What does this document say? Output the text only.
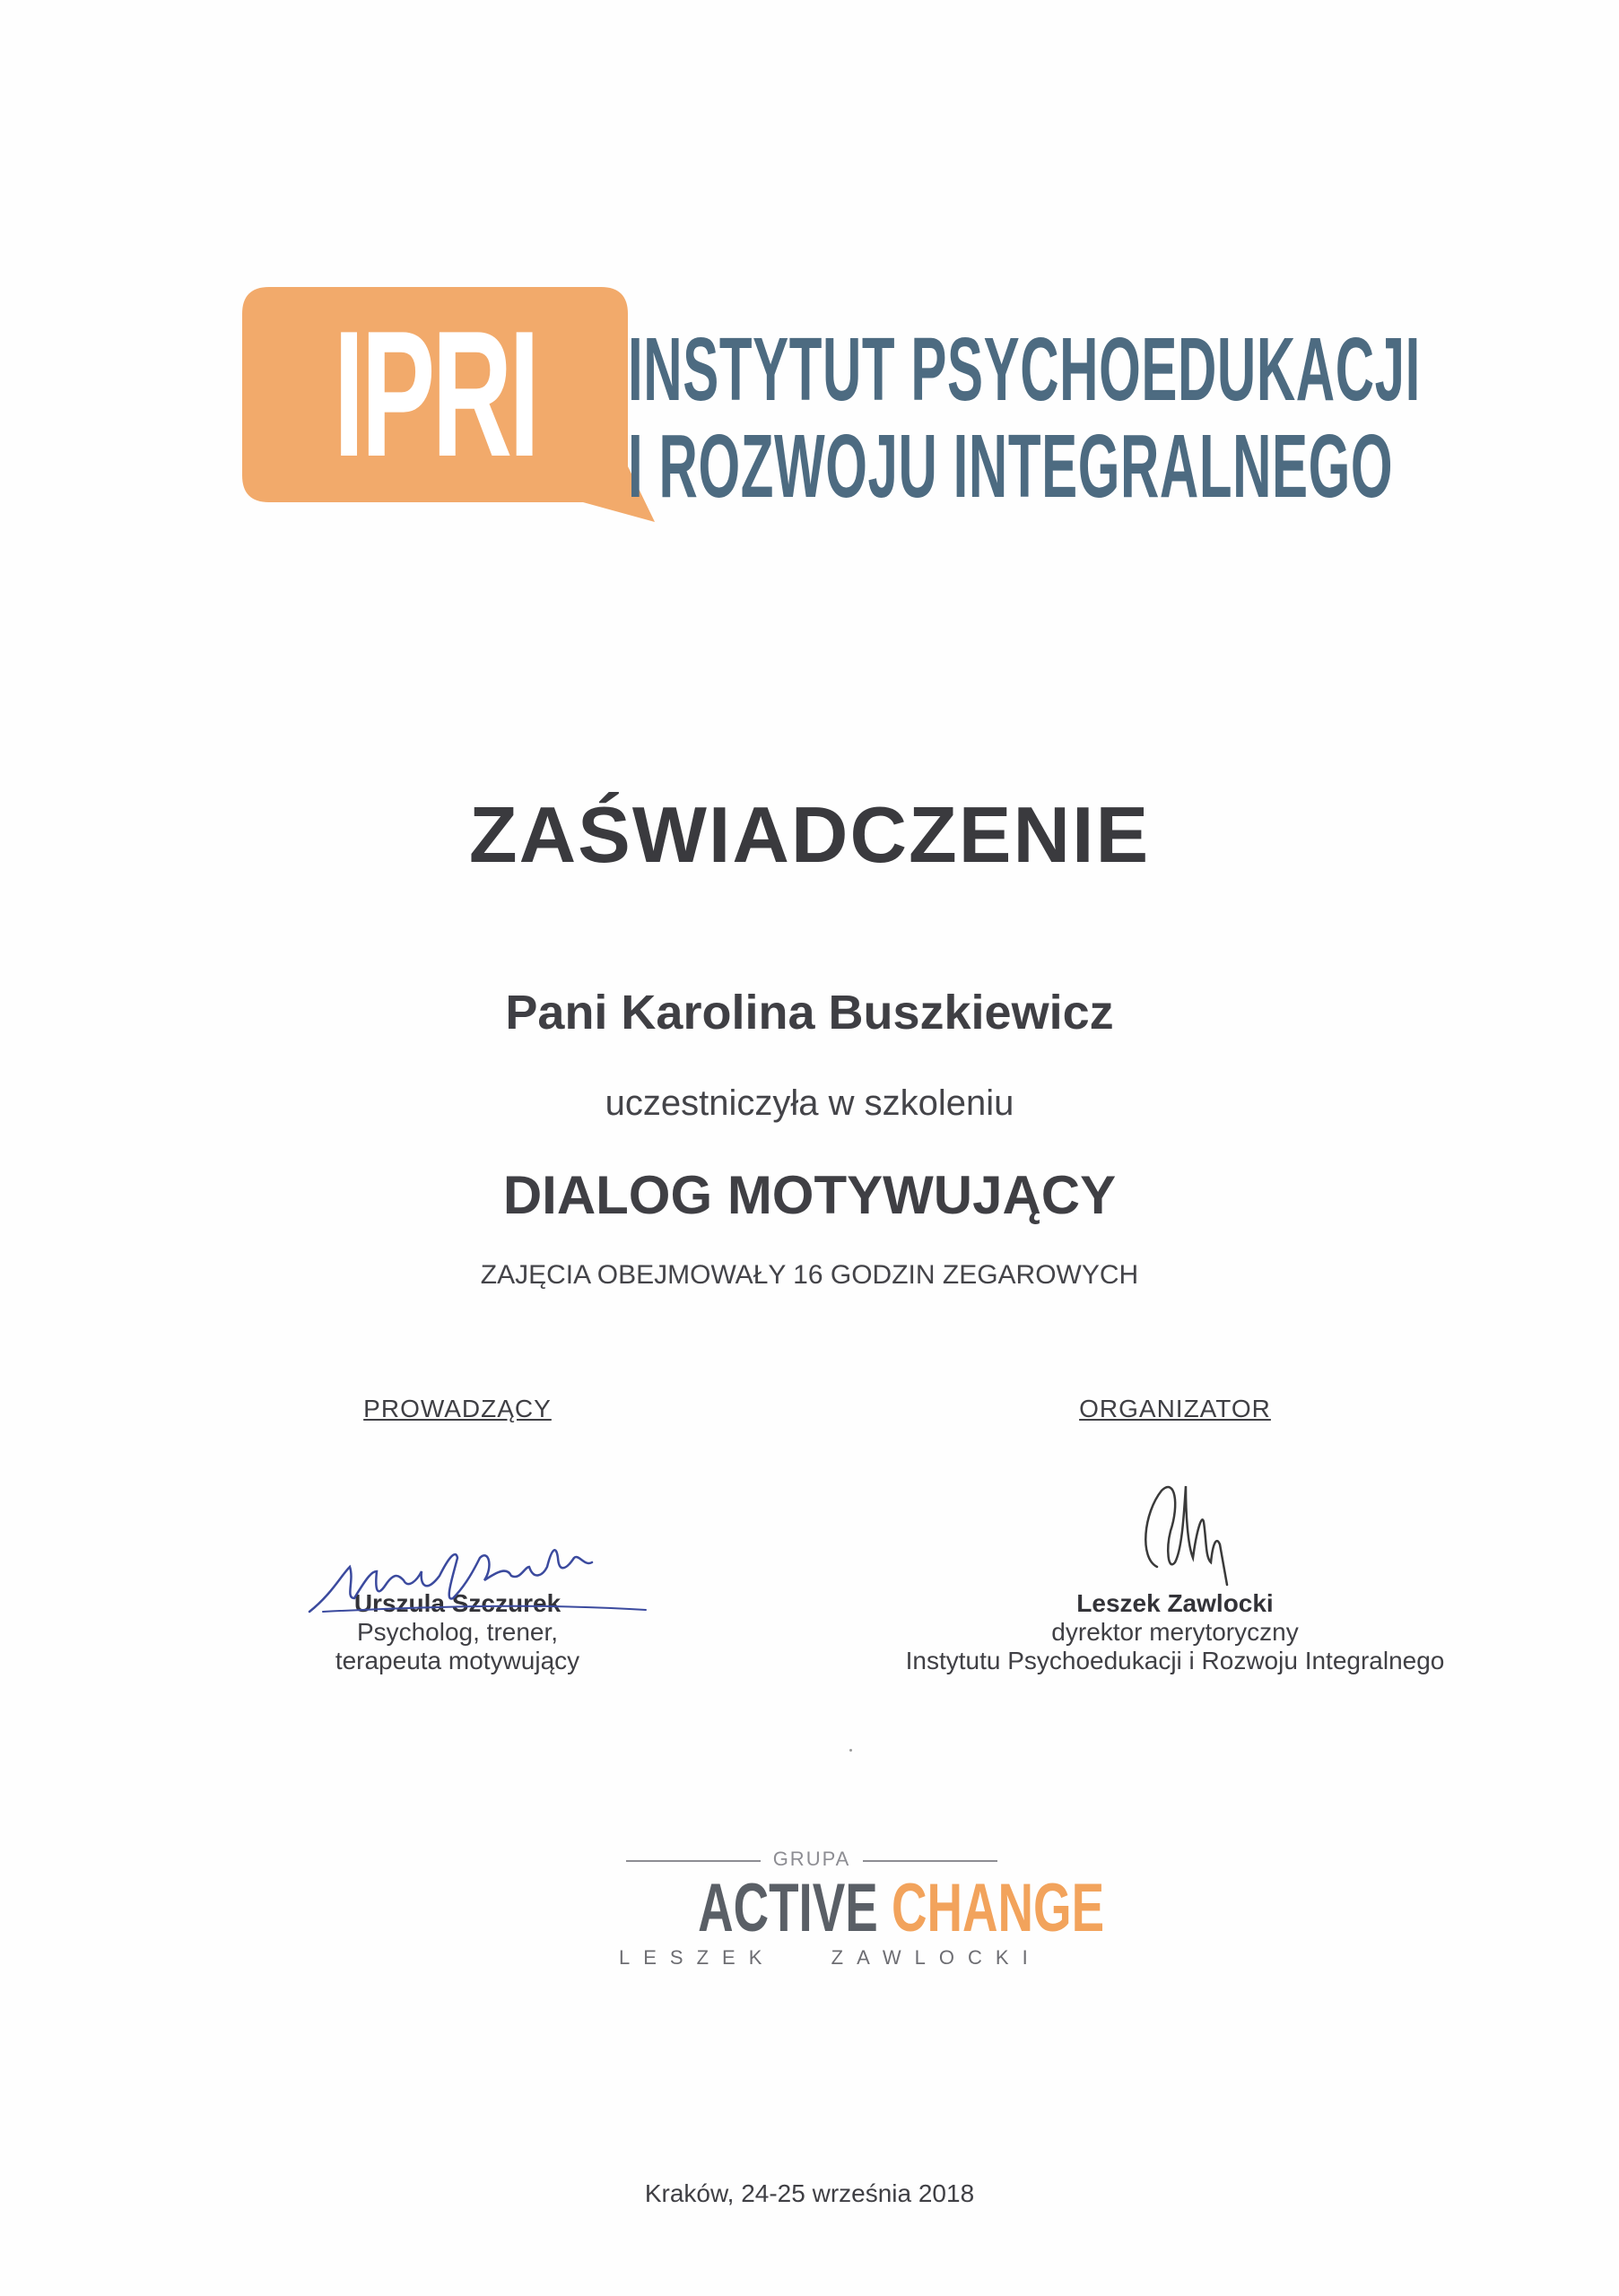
IPRI INSTYTUT PSYCHOEDUKACJI
I ROZWOJU INTEGRALNEGO
ZAŚWIADCZENIE
Pani Karolina Buszkiewicz
uczestniczyła w szkoleniu
DIALOG MOTYWUJĄCY
ZAJĘCIA OBEJMOWAŁY 16 GODZIN ZEGAROWYCH
PROWADZĄCY
Urszula Szczurek
Psycholog, trener,
terapeuta motywujący
ORGANIZATOR
Leszek Zawlocki
dyrektor merytoryczny
Instytutu Psychoedukacji i Rozwoju Integralnego
GRUPA
ACTIVE CHANGE
LESZEK	ZAWLOCKI
Kraków, 24-25 września 2018
